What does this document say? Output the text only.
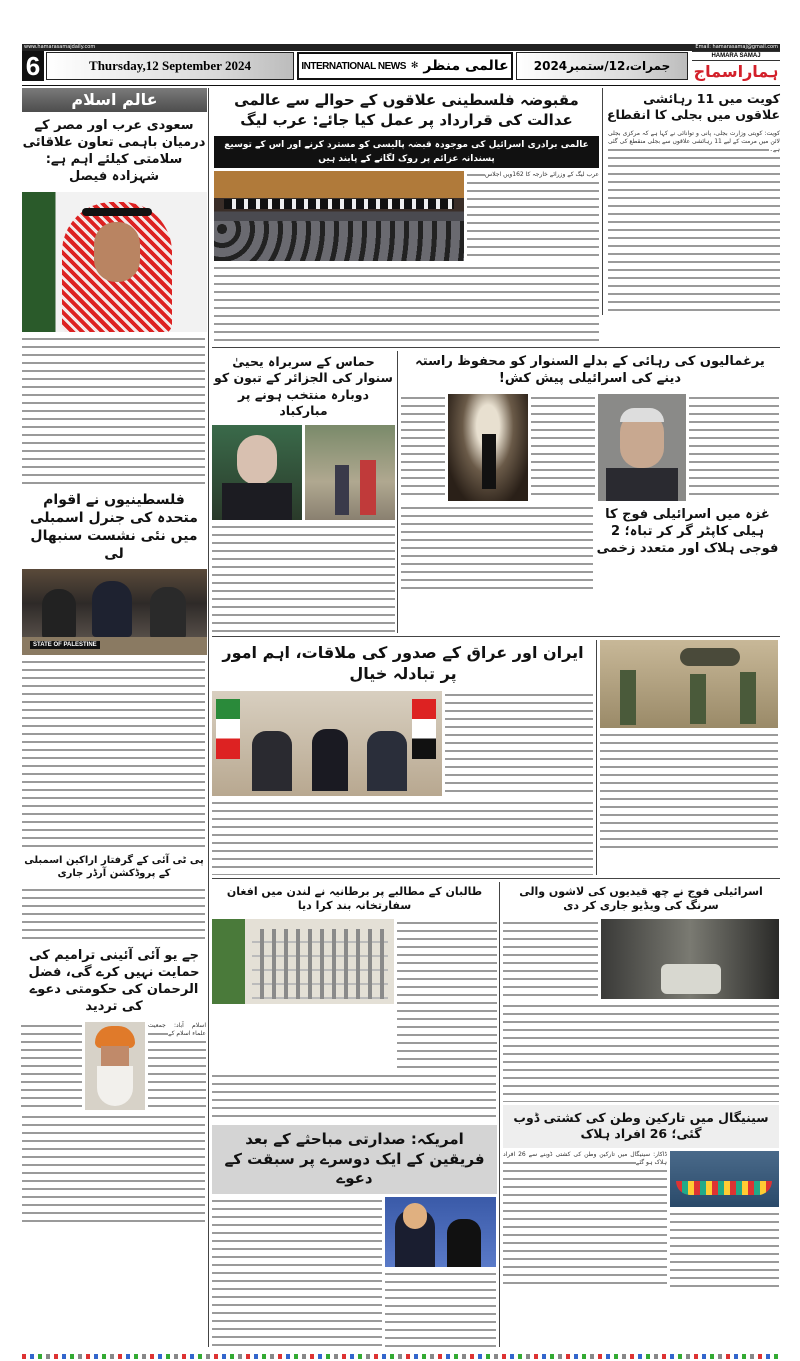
www.hamarasamajdaily.com	Email: hamarasamaj@gmail.com
6	Thursday,12 September 2024	INTERNATIONAL NEWS ✻ عالمی منظر جمرات،12/ستمبر2024
HAMARA SAMAJ
ہماراسماج
عالم اسلام
سعودی عرب اور مصر کے درمیان باہمی تعاون علاقائی سلامتی کیلئے اہم ہے: شہزادہ فیصل
فلسطینیوں نے اقوام متحدہ کی جنرل اسمبلی میں نئی نشست سنبھال لی
STATE OF PALESTINE
پی ٹی آئی کے گرفتار اراکین اسمبلی کے پروڈکشن آرڈر جاری
جے یو آئی آئینی ترامیم کی حمایت نہیں کرے گی، فضل الرحمان کی حکومتی دعوے کی تردید
اسلام آباد: جمعیت علماء اسلام کے
کویت میں 11 رہائشی علاقوں میں بجلی کا انقطاع
کویت: کویتی وزارت بجلی، پانی و توانائی نے کہا ہے کہ مرکزی بجلی لائن میں مرمت کے لیے 11 رہائشی علاقوں سے بجلی منقطع کی گئی ہے۔
مقبوضہ فلسطینی علاقوں کے حوالے سے عالمی عدالت کی قرارداد پر عمل کیا جائے: عرب لیگ
عالمی برادری اسرائیل کی موجودہ قبضہ پالیسی کو مسترد کرنے اور اس کے توسیع پسندانہ عزائم پر روک لگانے کے پابند ہیں
عرب لیگ کے وزرائے خارجہ کا 162ویں اجلاس
حماس کے سربراہ یحییٰ سنوار کی الجزائر کے تبون کو دوبارہ منتخب ہونے پر مبارکباد
یرغمالیوں کی رہائی کے بدلے السنوار کو محفوظ راستہ دینے کی اسرائیلی پیش کش!
غزہ میں اسرائیلی فوج کا ہیلی کاپٹر گر کر تباہ؛ 2 فوجی ہلاک اور متعدد زخمی
ایران اور عراق کے صدور کی ملاقات، اہم امور پر تبادلہ خیال
طالبان کے مطالبے پر برطانیہ نے لندن میں افغان سفارتخانہ بند کرا دیا
امریکہ: صدارتی مباحثے کے بعد فریقین کے ایک دوسرے پر سبقت کے دعوے
اسرائیلی فوج نے چھ قیدیوں کی لاشوں والی سرنگ کی ویڈیو جاری کر دی
سینیگال میں تارکین وطن کی کشتی ڈوب گئی؛ 26 افراد ہلاک
ڈاکار: سینیگال میں تارکین وطن کی کشتی ڈوبنے سے 26 افراد ہلاک ہو گئے
